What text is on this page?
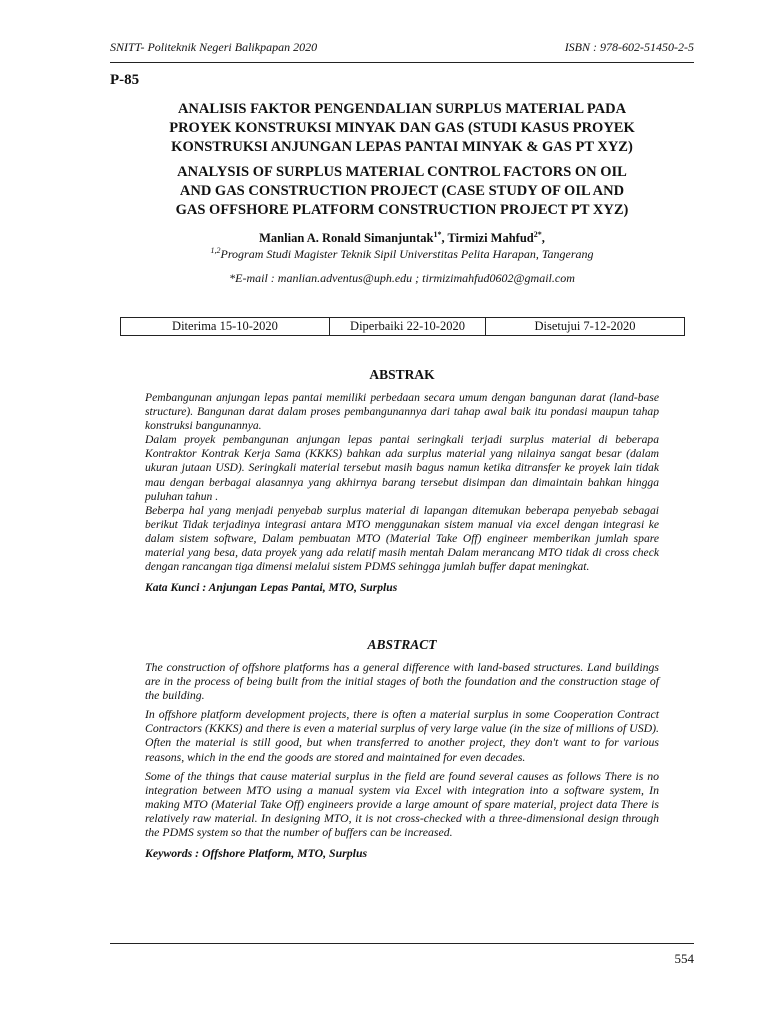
SNITT- Politeknik Negeri Balikpapan 2020	ISBN : 978-602-51450-2-5
P-85
ANALISIS FAKTOR PENGENDALIAN SURPLUS MATERIAL PADA
PROYEK KONSTRUKSI MINYAK DAN GAS (STUDI KASUS PROYEK
KONSTRUKSI ANJUNGAN LEPAS PANTAI MINYAK & GAS PT XYZ)
ANALYSIS OF SURPLUS MATERIAL CONTROL FACTORS ON OIL
AND GAS CONSTRUCTION PROJECT (CASE STUDY OF OIL AND
GAS OFFSHORE PLATFORM CONSTRUCTION PROJECT PT XYZ)
Manlian A. Ronald Simanjuntak$^{1*}$, Tirmizi Mahfud$^{2*}$,
$^{1,2}$Program Studi Magister Teknik Sipil Universtitas Pelita Harapan, Tangerang
*E-mail : manlian.adventus@uph.edu ; tirmizimahfud0602@gmail.com
Diterima 15-10-2020	Diperbaiki 22-10-2020	Disetujui 7-12-2020
ABSTRAK

Pembangunan anjungan lepas pantai memiliki perbedaan secara umum dengan bangunan darat (land-base structure). Bangunan darat dalam proses pembangunannya dari tahap awal baik itu pondasi maupun tahap konstruksi bangunannya.

Dalam proyek pembangunan anjungan lepas pantai seringkali terjadi surplus material di beberapa Kontraktor Kontrak Kerja Sama (KKKS) bahkan ada surplus material yang nilainya sangat besar (dalam ukuran jutaan USD). Seringkali material tersebut masih bagus namun ketika ditransfer ke proyek lain tidak mau dengan berbagai alasannya yang akhirnya barang tersebut disimpan dan dimaintain bahkan hingga puluhan tahun .

Beberpa hal yang menjadi penyebab surplus material di lapangan ditemukan beberapa penyebab sebagai berikut Tidak terjadinya integrasi antara MTO menggunakan sistem manual via excel dengan integrasi ke dalam sistem software, Dalam pembuatan MTO (Material Take Off) engineer memberikan jumlah spare material yang besa, data proyek yang ada relatif masih mentah Dalam merancang MTO tidak di cross check dengan rancangan tiga dimensi melalui sistem PDMS sehingga jumlah buffer dapat meningkat.

Kata Kunci : Anjungan Lepas Pantai, MTO, Surplus

ABSTRACT

The construction of offshore platforms has a general difference with land-based structures. Land buildings are in the process of being built from the initial stages of both the foundation and the construction stage of the building.

In offshore platform development projects, there is often a material surplus in some Cooperation Contract Contractors (KKKS) and there is even a material surplus of very large value (in the size of millions of USD). Often the material is still good, but when transferred to another project, they don't want to for various reasons, which in the end the goods are stored and maintained for even decades.

Some of the things that cause material surplus in the field are found several causes as follows There is no integration between MTO using a manual system via Excel with integration into a software system, In making MTO (Material Take Off) engineers provide a large amount of spare material, project data There is relatively raw material. In designing MTO, it is not cross-checked with a three-dimensional design through the PDMS system so that the number of buffers can be increased.

Keywords : Offshore Platform, MTO, Surplus

554
